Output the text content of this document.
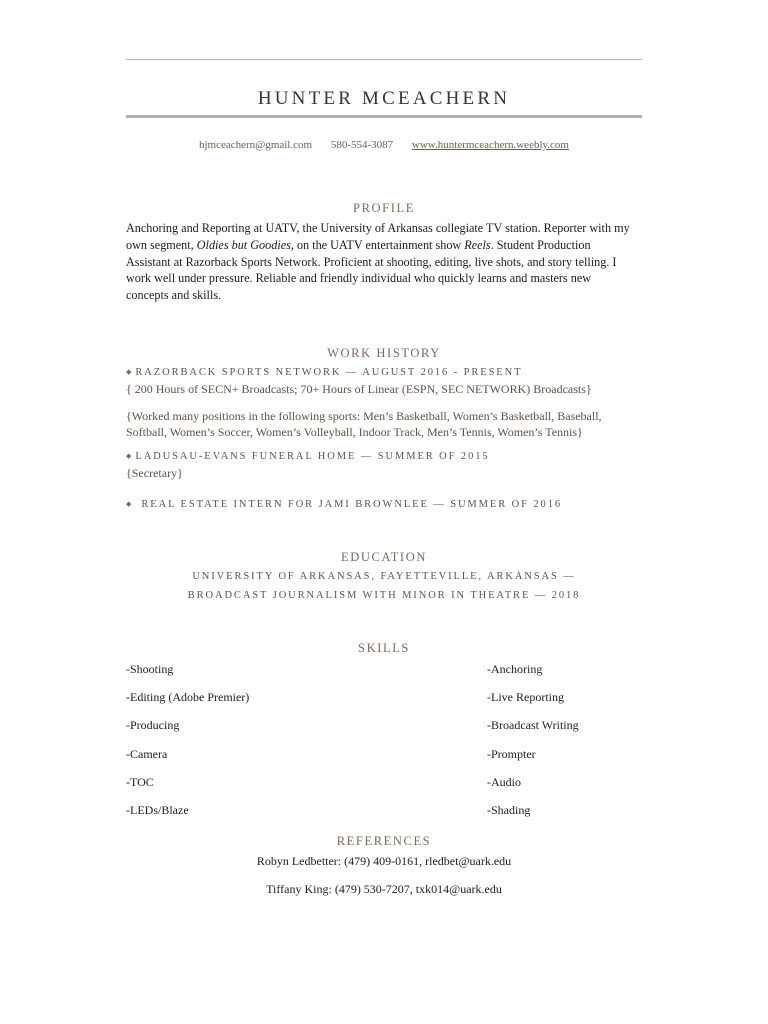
HUNTER MCEACHERN
hjmceachern@gmail.com 580-554-3087 www.huntermceachern.weebly.com
PROFILE
Anchoring and Reporting at UATV, the University of Arkansas collegiate TV station. Reporter with my own segment, Oldies but Goodies, on the UATV entertainment show Reels. Student Production Assistant at Razorback Sports Network. Proficient at shooting, editing, live shots, and story telling. I work well under pressure. Reliable and friendly individual who quickly learns and masters new concepts and skills.
WORK HISTORY
◆ RAZORBACK SPORTS NETWORK — AUGUST 2016 - PRESENT
{ 200 Hours of SECN+ Broadcasts; 70+ Hours of Linear (ESPN, SEC NETWORK) Broadcasts}
{Worked many positions in the following sports: Men’s Basketball, Women’s Basketball, Baseball, Softball, Women’s Soccer, Women’s Volleyball, Indoor Track, Men’s Tennis, Women’s Tennis}
◆ LADUSAU-EVANS FUNERAL HOME — SUMMER OF 2015
{Secretary}
◆ REAL ESTATE INTERN FOR JAMI BROWNLEE — SUMMER OF 2016
EDUCATION
UNIVERSITY OF ARKANSAS, FAYETTEVILLE, ARKANSAS —
BROADCAST JOURNALISM WITH MINOR IN THEATRE — 2018
SKILLS
-Shooting
-Editing (Adobe Premier)
-Producing
-Camera
-TOC
-LEDs/Blaze
-Anchoring
-Live Reporting
-Broadcast Writing
-Prompter
-Audio
-Shading
REFERENCES
Robyn Ledbetter: (479) 409-0161, rledbet@uark.edu
Tiffany King: (479) 530-7207, txk014@uark.edu
